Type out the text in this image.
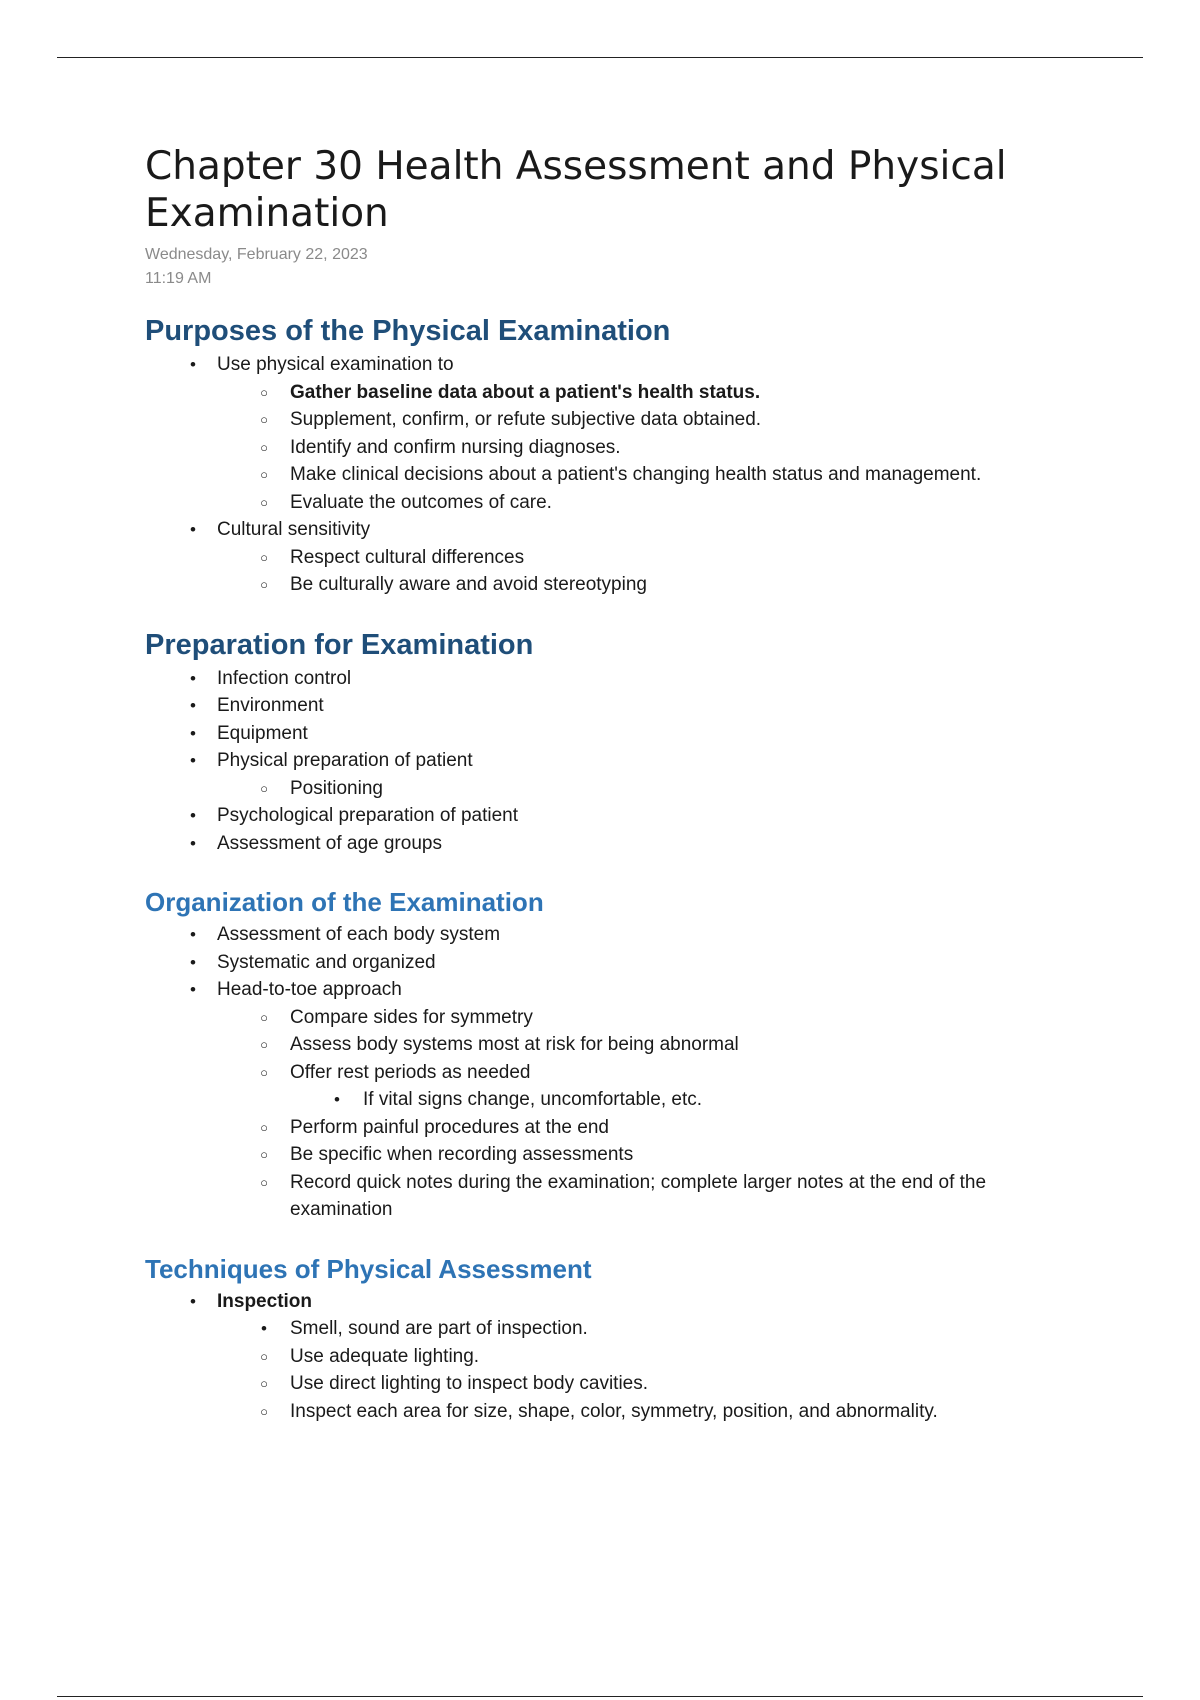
Chapter 30 Health Assessment and Physical Examination
Wednesday, February 22, 2023
11:19 AM
Purposes of the Physical Examination
•	Use physical examination to
○	Gather baseline data about a patient's health status.
○	Supplement, confirm, or refute subjective data obtained.
○	Identify and confirm nursing diagnoses.
○	Make clinical decisions about a patient's changing health status and management.
○	Evaluate the outcomes of care.
•	Cultural sensitivity
○	Respect cultural differences
○	Be culturally aware and avoid stereotyping
Preparation for Examination
•	Infection control
•	Environment
•	Equipment
•	Physical preparation of patient
○	Positioning
•	Psychological preparation of patient
•	Assessment of age groups
Organization of the Examination
•	Assessment of each body system
•	Systematic and organized
•	Head-to-toe approach
○	Compare sides for symmetry
○	Assess body systems most at risk for being abnormal
○	Offer rest periods as needed
•	If vital signs change, uncomfortable, etc.
○	Perform painful procedures at the end
○	Be specific when recording assessments
○	Record quick notes during the examination; complete larger notes at the end of the examination
Techniques of Physical Assessment
•	Inspection
•	Smell, sound are part of inspection.
○	Use adequate lighting.
○	Use direct lighting to inspect body cavities.
○	Inspect each area for size, shape, color, symmetry, position, and abnormality.
